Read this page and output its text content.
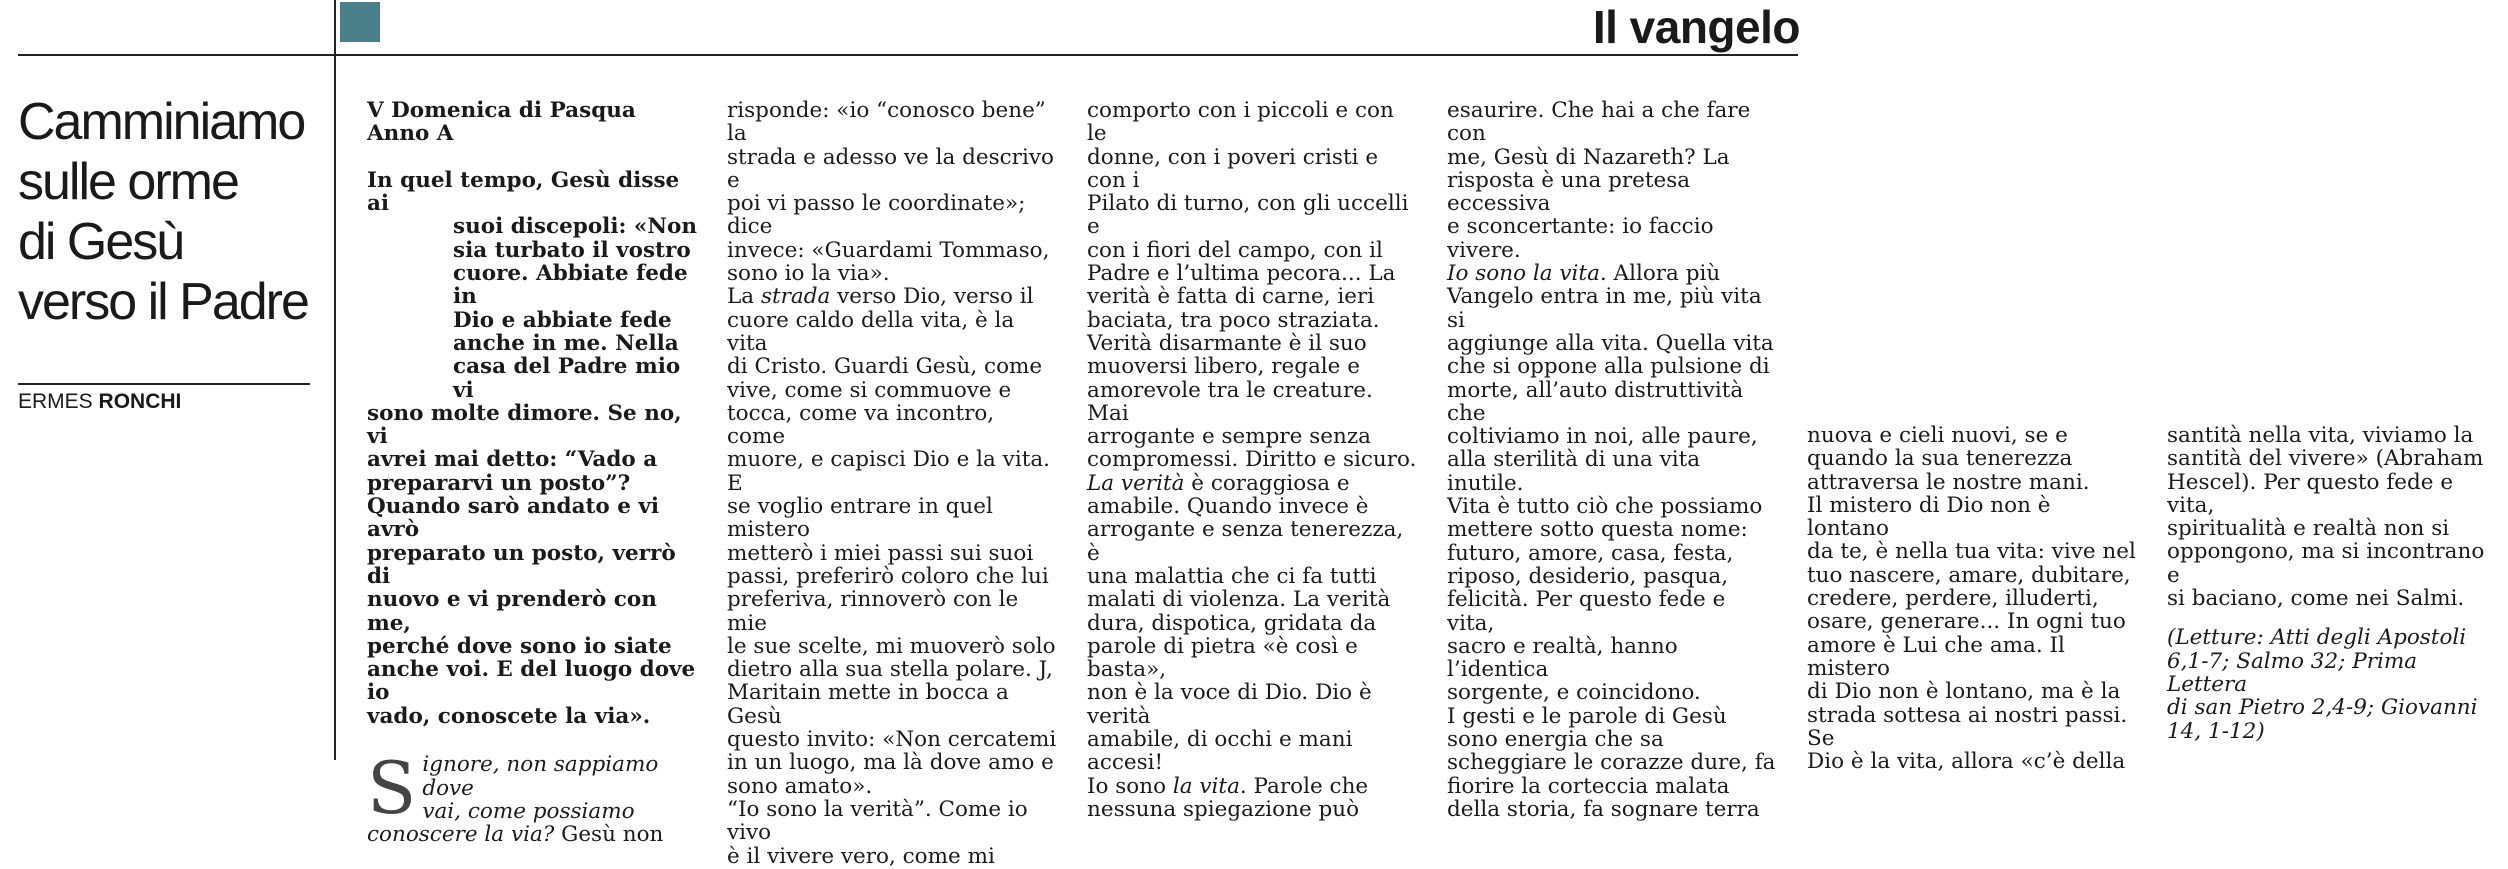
Il vangelo
Camminiamo
sulle orme
di Gesù
verso il Padre
ERMES RONCHI

V Domenica di Pasqua

Anno A

In quel tempo, Gesù disse ai

suoi discepoli: «Non

sia turbato il vostro

cuore. Abbiate fede in

Dio e abbiate fede

anche in me. Nella

casa del Padre mio vi

sono molte dimore. Se no, vi

avrei mai detto: “Vado a

prepararvi un posto”?

Quando sarò andato e vi avrò

preparato un posto, verrò di

nuovo e vi prenderò con me,

perché dove sono io siate

anche voi. E del luogo dove io

vado, conoscete la via».

S ignore, non sappiamo dove

vai, come possiamo

conoscere la via? Gesù non

risponde: «io “conosco bene” la

strada e adesso ve la descrivo e

poi vi passo le coordinate»; dice

invece: «Guardami Tommaso,

sono io la via».

La strada verso Dio, verso il

cuore caldo della vita, è la vita

di Cristo. Guardi Gesù, come

vive, come si commuove e

tocca, come va incontro, come

muore, e capisci Dio e la vita. E

se voglio entrare in quel mistero

metterò i miei passi sui suoi

passi, preferirò coloro che lui

preferiva, rinnoverò con le mie

le sue scelte, mi muoverò solo

dietro alla sua stella polare. J,

Maritain mette in bocca a Gesù

questo invito: «Non cercatemi

in un luogo, ma là dove amo e

sono amato».

“Io sono la verità”. Come io vivo

è il vivere vero, come mi

comporto con i piccoli e con le

donne, con i poveri cristi e con i

Pilato di turno, con gli uccelli e

con i fiori del campo, con il

Padre e l’ultima pecora... La

verità è fatta di carne, ieri

baciata, tra poco straziata.

Verità disarmante è il suo

muoversi libero, regale e

amorevole tra le creature. Mai

arrogante e sempre senza

compromessi. Diritto e sicuro.

La verità è coraggiosa e

amabile. Quando invece è

arrogante e senza tenerezza, è

una malattia che ci fa tutti

malati di violenza. La verità

dura, dispotica, gridata da

parole di pietra «è così e basta»,

non è la voce di Dio. Dio è verità

amabile, di occhi e mani accesi!

Io sono la vita. Parole che

nessuna spiegazione può

esaurire. Che hai a che fare con

me, Gesù di Nazareth? La

risposta è una pretesa eccessiva

e sconcertante: io faccio vivere.

Io sono la vita. Allora più

Vangelo entra in me, più vita si

aggiunge alla vita. Quella vita

che si oppone alla pulsione di

morte, all’auto distruttività che

coltiviamo in noi, alle paure,

alla sterilità di una vita inutile.

Vita è tutto ciò che possiamo

mettere sotto questa nome:

futuro, amore, casa, festa,

riposo, desiderio, pasqua,

felicità. Per questo fede e vita,

sacro e realtà, hanno l’identica

sorgente, e coincidono.

I gesti e le parole di Gesù

sono energia che sa

scheggiare le corazze dure, fa

fiorire la corteccia malata

della storia, fa sognare terra

nuova e cieli nuovi, se e

quando la sua tenerezza

attraversa le nostre mani.

Il mistero di Dio non è lontano

da te, è nella tua vita: vive nel

tuo nascere, amare, dubitare,

credere, perdere, illuderti,

osare, generare... In ogni tuo

amore è Lui che ama. Il mistero

di Dio non è lontano, ma è la

strada sottesa ai nostri passi. Se

Dio è la vita, allora «c’è della

santità nella vita, viviamo la

santità del vivere» (Abraham

Hescel). Per questo fede e vita,

spiritualità e realtà non si

oppongono, ma si incontrano e

si baciano, come nei Salmi.

(Letture: Atti degli Apostoli

6,1-7; Salmo 32; Prima Lettera

di san Pietro 2,4-9; Giovanni

14, 1-12)
